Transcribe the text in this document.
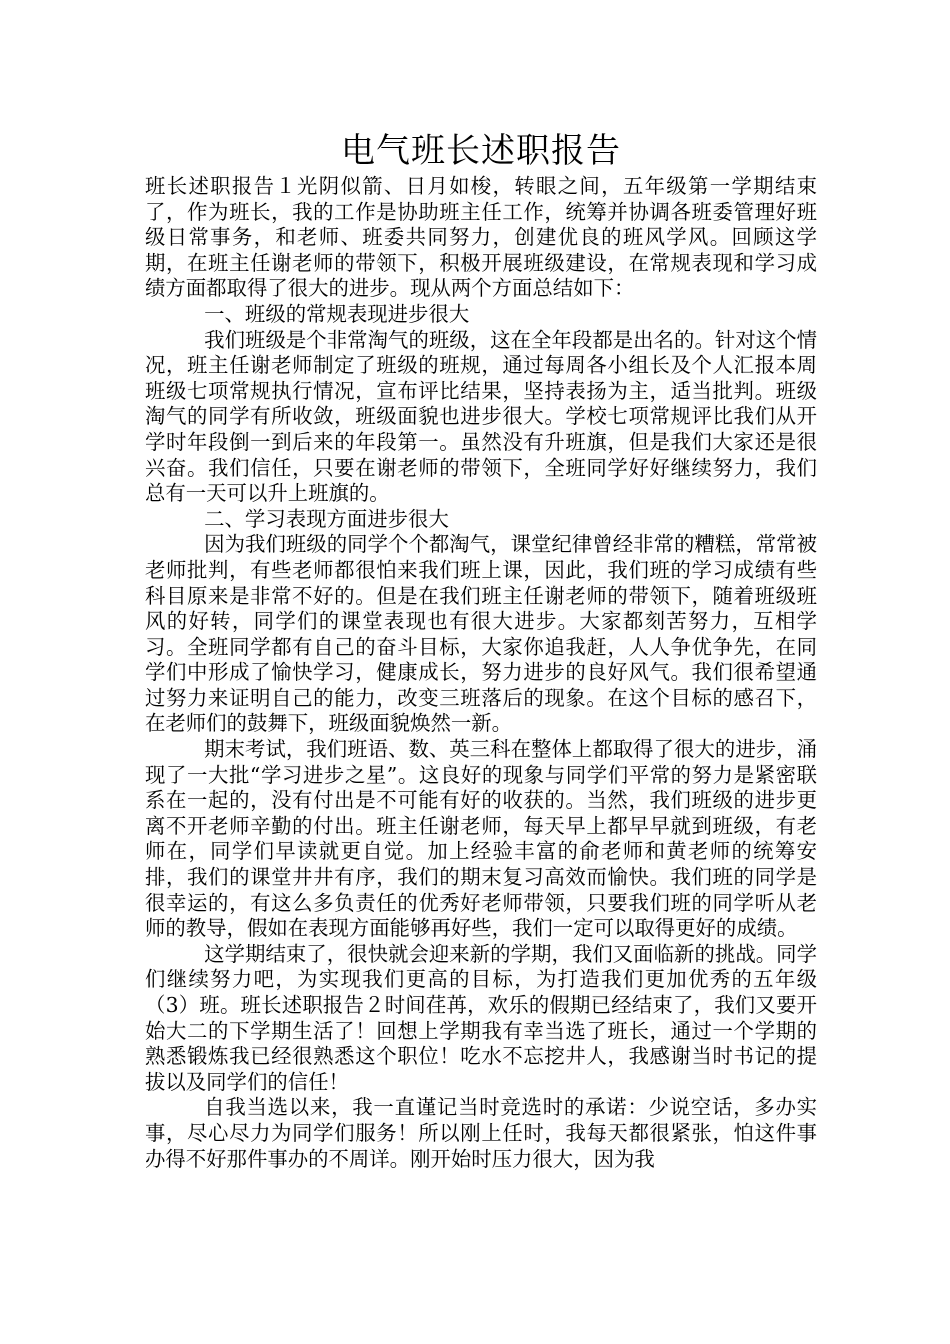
电气班长述职报告

班长述职报告１光阴似箭、日月如梭，转眼之间，五年级第一学期结束了，作为班长，我的工作是协助班主任工作，统筹并协调各班委管理好班级日常事务，和老师、班委共同努力，创建优良的班风学风。回顾这学期，在班主任谢老师的带领下，积极开展班级建设，在常规表现和学习成绩方面都取得了很大的进步。现从两个方面总结如下：

一、班级的常规表现进步很大

我们班级是个非常淘气的班级，这在全年段都是出名的。针对这个情况，班主任谢老师制定了班级的班规，通过每周各小组长及个人汇报本周班级七项常规执行情况，宣布评比结果，坚持表扬为主，适当批判。班级淘气的同学有所收敛，班级面貌也进步很大。学校七项常规评比我们从开学时年段倒一到后来的年段第一。虽然没有升班旗，但是我们大家还是很兴奋。我们信任，只要在谢老师的带领下，全班同学好好继续努力，我们总有一天可以升上班旗的。

二、学习表现方面进步很大

因为我们班级的同学个个都淘气，课堂纪律曾经非常的糟糕，常常被老师批判，有些老师都很怕来我们班上课，因此，我们班的学习成绩有些科目原来是非常不好的。但是在我们班主任谢老师的带领下，随着班级班风的好转，同学们的课堂表现也有很大进步。大家都刻苦努力，互相学习。全班同学都有自己的奋斗目标，大家你追我赶，人人争优争先，在同学们中形成了愉快学习，健康成长，努力进步的良好风气。我们很希望通过努力来证明自己的能力，改变三班落后的现象。在这个目标的感召下，在老师们的鼓舞下，班级面貌焕然一新。

期末考试，我们班语、数、英三科在整体上都取得了很大的进步，涌现了一大批“学习进步之星”。这良好的现象与同学们平常的努力是紧密联系在一起的，没有付出是不可能有好的收获的。当然，我们班级的进步更离不开老师辛勤的付出。班主任谢老师，每天早上都早早就到班级，有老师在，同学们早读就更自觉。加上经验丰富的俞老师和黄老师的统筹安排，我们的课堂井井有序，我们的期末复习高效而愉快。我们班的同学是很幸运的，有这么多负责任的优秀好老师带领，只要我们班的同学听从老师的教导，假如在表现方面能够再好些，我们一定可以取得更好的成绩。

这学期结束了，很快就会迎来新的学期，我们又面临新的挑战。同学们继续努力吧，为实现我们更高的目标，为打造我们更加优秀的五年级（3）班。班长述职报告２时间荏苒，欢乐的假期已经结束了，我们又要开始大二的下学期生活了！回想上学期我有幸当选了班长，通过一个学期的熟悉锻炼我已经很熟悉这个职位！吃水不忘挖井人，我感谢当时书记的提拔以及同学们的信任！

自我当选以来，我一直谨记当时竞选时的承诺：少说空话，多办实事，尽心尽力为同学们服务！所以刚上任时，我每天都很紧张，怕这件事办得不好那件事办的不周详。刚开始时压力很大，因为我
